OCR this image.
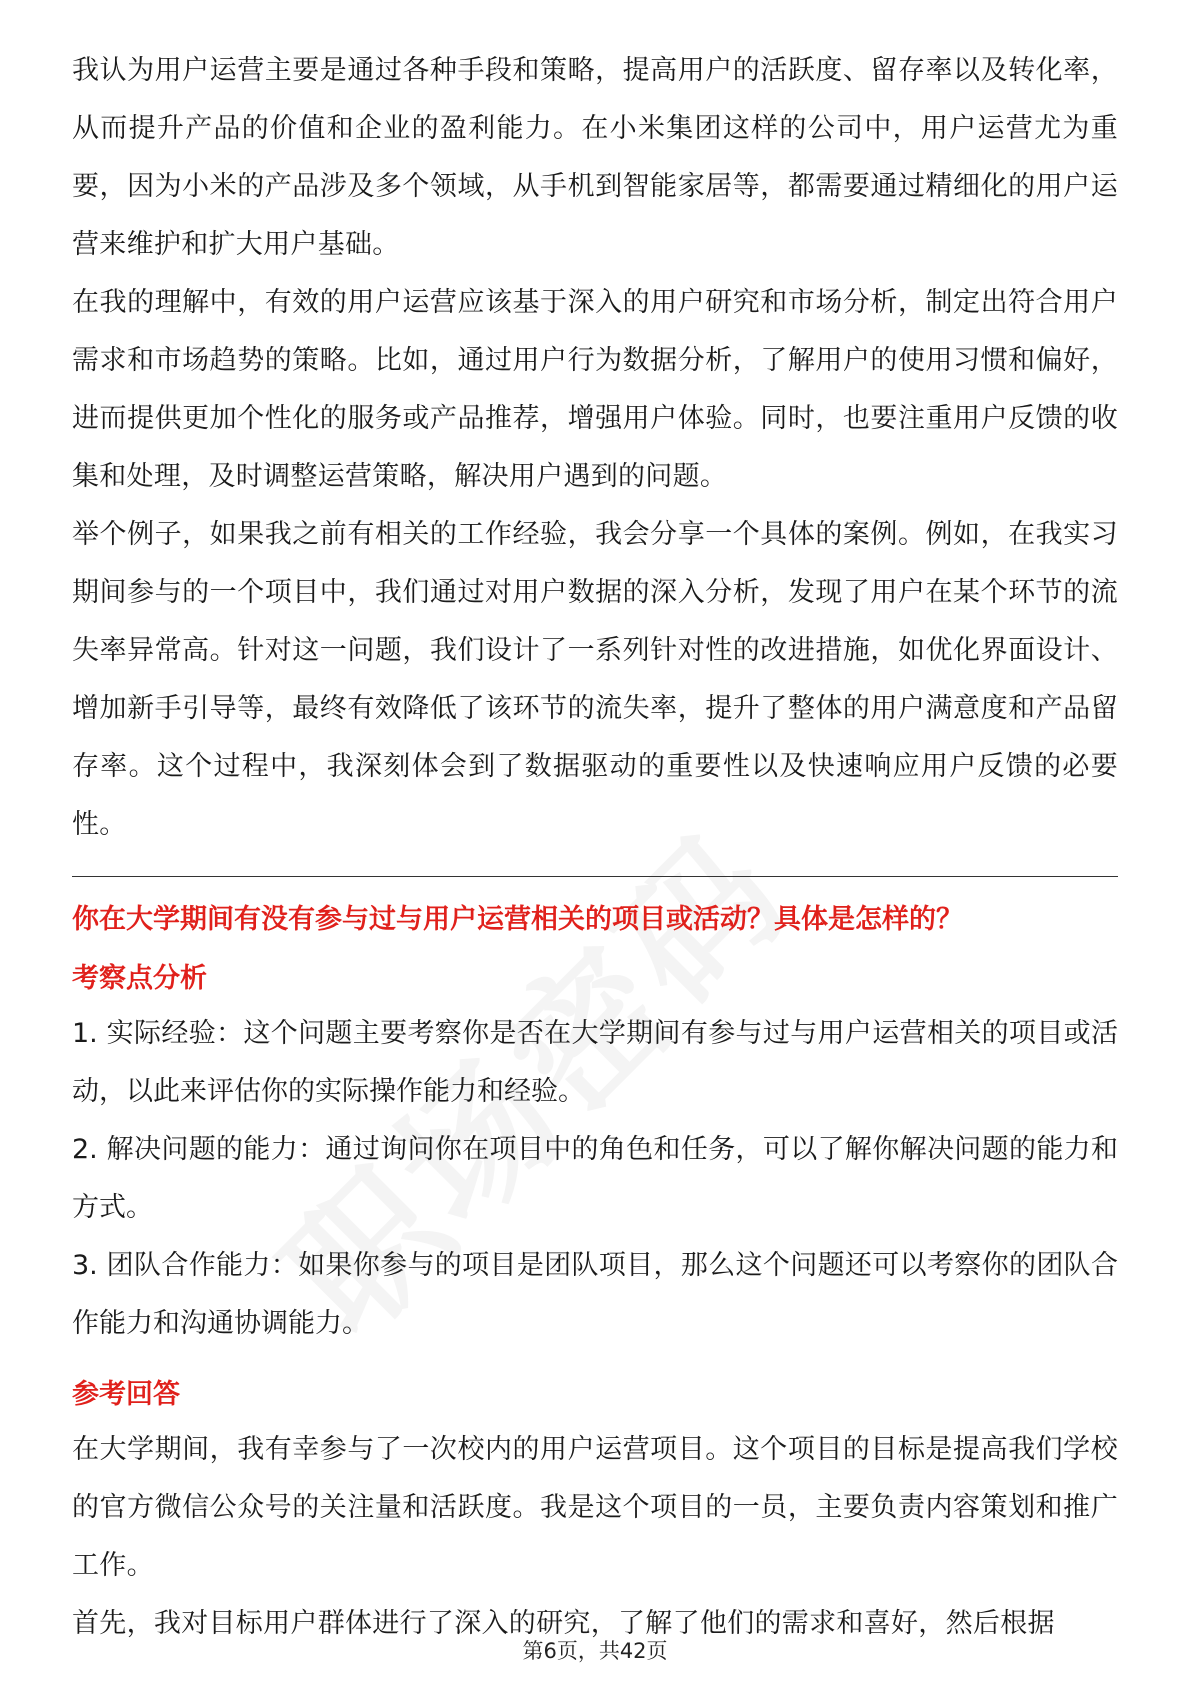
我认为用户运营主要是通过各种手段和策略，提高用户的活跃度、留存率以及转化率，从而提升产品的价值和企业的盈利能力。在小米集团这样的公司中，用户运营尤为重要，因为小米的产品涉及多个领域，从手机到智能家居等，都需要通过精细化的用户运营来维护和扩大用户基础。

在我的理解中，有效的用户运营应该基于深入的用户研究和市场分析，制定出符合用户需求和市场趋势的策略。比如，通过用户行为数据分析，了解用户的使用习惯和偏好，进而提供更加个性化的服务或产品推荐，增强用户体验。同时，也要注重用户反馈的收集和处理，及时调整运营策略，解决用户遇到的问题。

举个例子，如果我之前有相关的工作经验，我会分享一个具体的案例。例如，在我实习期间参与的一个项目中，我们通过对用户数据的深入分析，发现了用户在某个环节的流失率异常高。针对这一问题，我们设计了一系列针对性的改进措施，如优化界面设计、增加新手引导等，最终有效降低了该环节的流失率，提升了整体的用户满意度和产品留存率。这个过程中，我深刻体会到了数据驱动的重要性以及快速响应用户反馈的必要性。

你在大学期间有没有参与过与用户运营相关的项目或活动？具体是怎样的？

考察点分析

1. 实际经验：这个问题主要考察你是否在大学期间有参与过与用户运营相关的项目或活动，以此来评估你的实际操作能力和经验。

2. 解决问题的能力：通过询问你在项目中的角色和任务，可以了解你解决问题的能力和方式。

3. 团队合作能力：如果你参与的项目是团队项目，那么这个问题还可以考察你的团队合作能力和沟通协调能力。

参考回答

在大学期间，我有幸参与了一次校内的用户运营项目。这个项目的目标是提高我们学校的官方微信公众号的关注量和活跃度。我是这个项目的一员，主要负责内容策划和推广工作。

首先，我对目标用户群体进行了深入的研究，了解了他们的需求和喜好，然后根据

第6页，共42页
